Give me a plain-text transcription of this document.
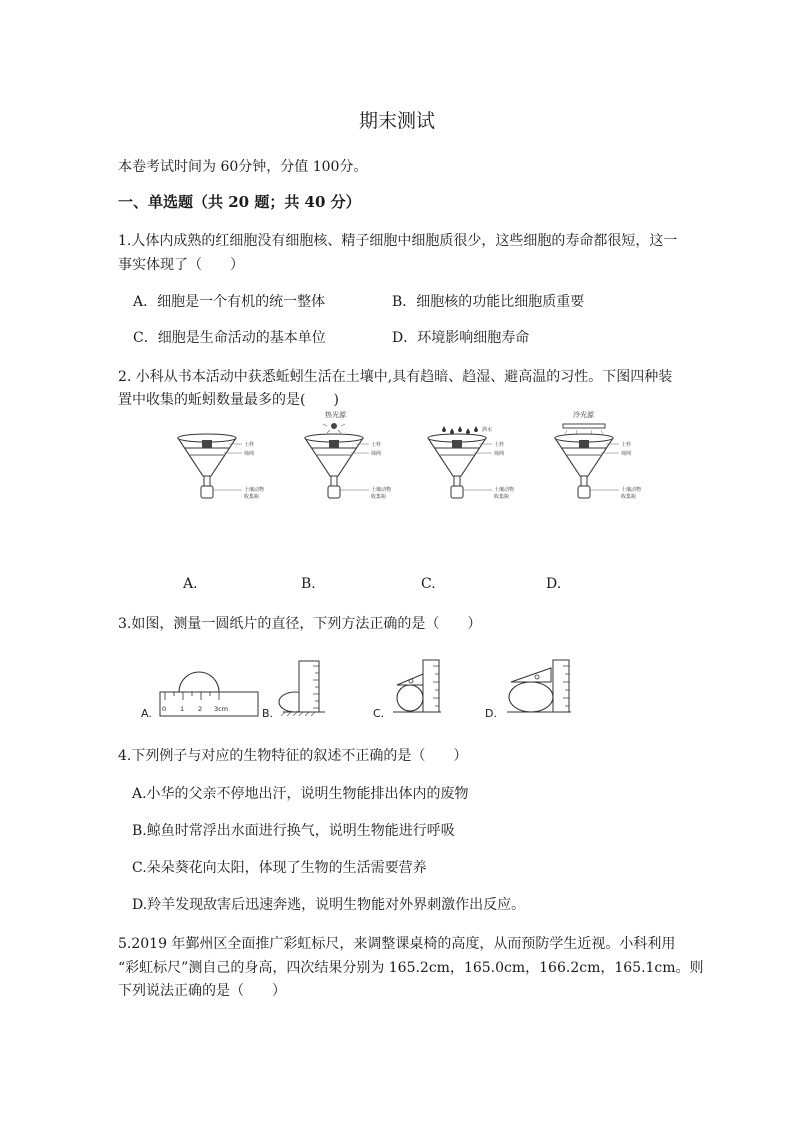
期末测试
本卷考试时间为 60分钟，分值 100分。
一、单选题（共 20 题；共 40 分）
1.人体内成熟的红细胞没有细胞核、精子细胞中细胞质很少，这些细胞的寿命都很短，这一
事实体现了（　　）
A．细胞是一个有机的统一整体	B．细胞核的功能比细胞质重要
C．细胞是生命活动的基本单位	D．环境影响细胞寿命
2. 小科从书本活动中获悉蚯蚓生活在土壤中,具有趋暗、趋湿、避高温的习性。下图四种装
置中收集的蚯蚓数量最多的是(　　)
土样
筛网
土壤动物
收集瓶
热光源
土样
筛网
土壤动物
收集瓶
洒水
土样
筛网
土壤动物
收集瓶
冷光源
土样
筛网
土壤动物
收集瓶
A.	B.	C.	D.
3.如图，测量一圆纸片的直径，下列方法正确的是（　　）
A. 0 1 2 3cm	B.	C.	D.
4.下列例子与对应的生物特征的叙述不正确的是（　　）
A.小华的父亲不停地出汗，说明生物能排出体内的废物
B.鲸鱼时常浮出水面进行换气，说明生物能进行呼吸
C.朵朵葵花向太阳，体现了生物的生活需要营养
D.羚羊发现敌害后迅速奔逃，说明生物能对外界刺激作出反应。
5.2019 年鄞州区全面推广彩虹标尺，来调整课桌椅的高度，从而预防学生近视。小科利用
“彩虹标尺”测自己的身高，四次结果分别为 165.2cm，165.0cm，166.2cm，165.1cm。则
下列说法正确的是（　　）
